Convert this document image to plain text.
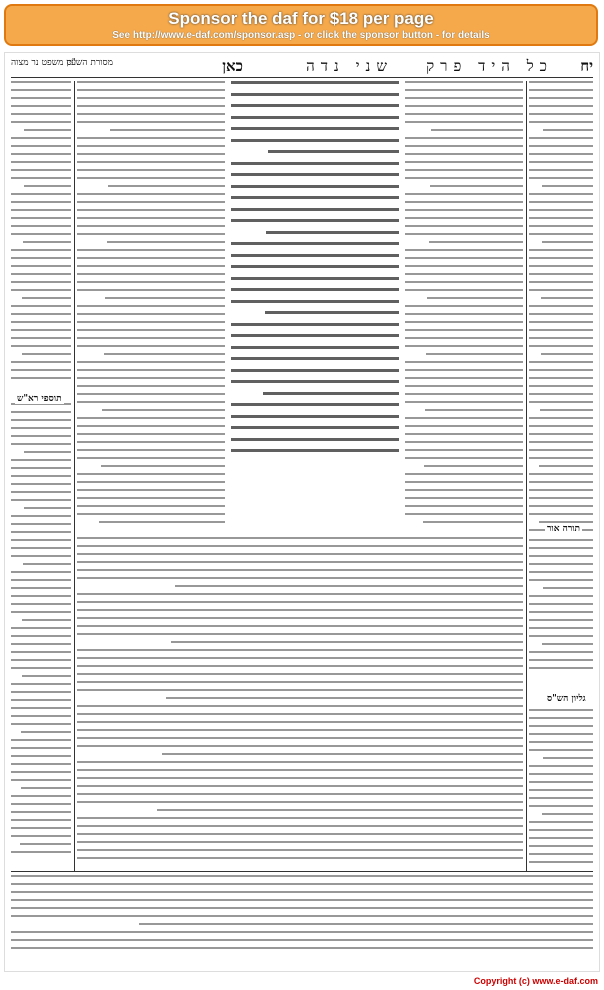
Sponsor the daf for $18 per page
See http://www.e-daf.com/sponsor.asp - or click the sponsor button - for details
יח
כל היד פרק
שני נדה
כאן
עין משפט נר מצוה
מסורת הש"ס
תוספי רא"ש
תורה אור
גליון הש"ס
Copyright (c) www.e-daf.com
